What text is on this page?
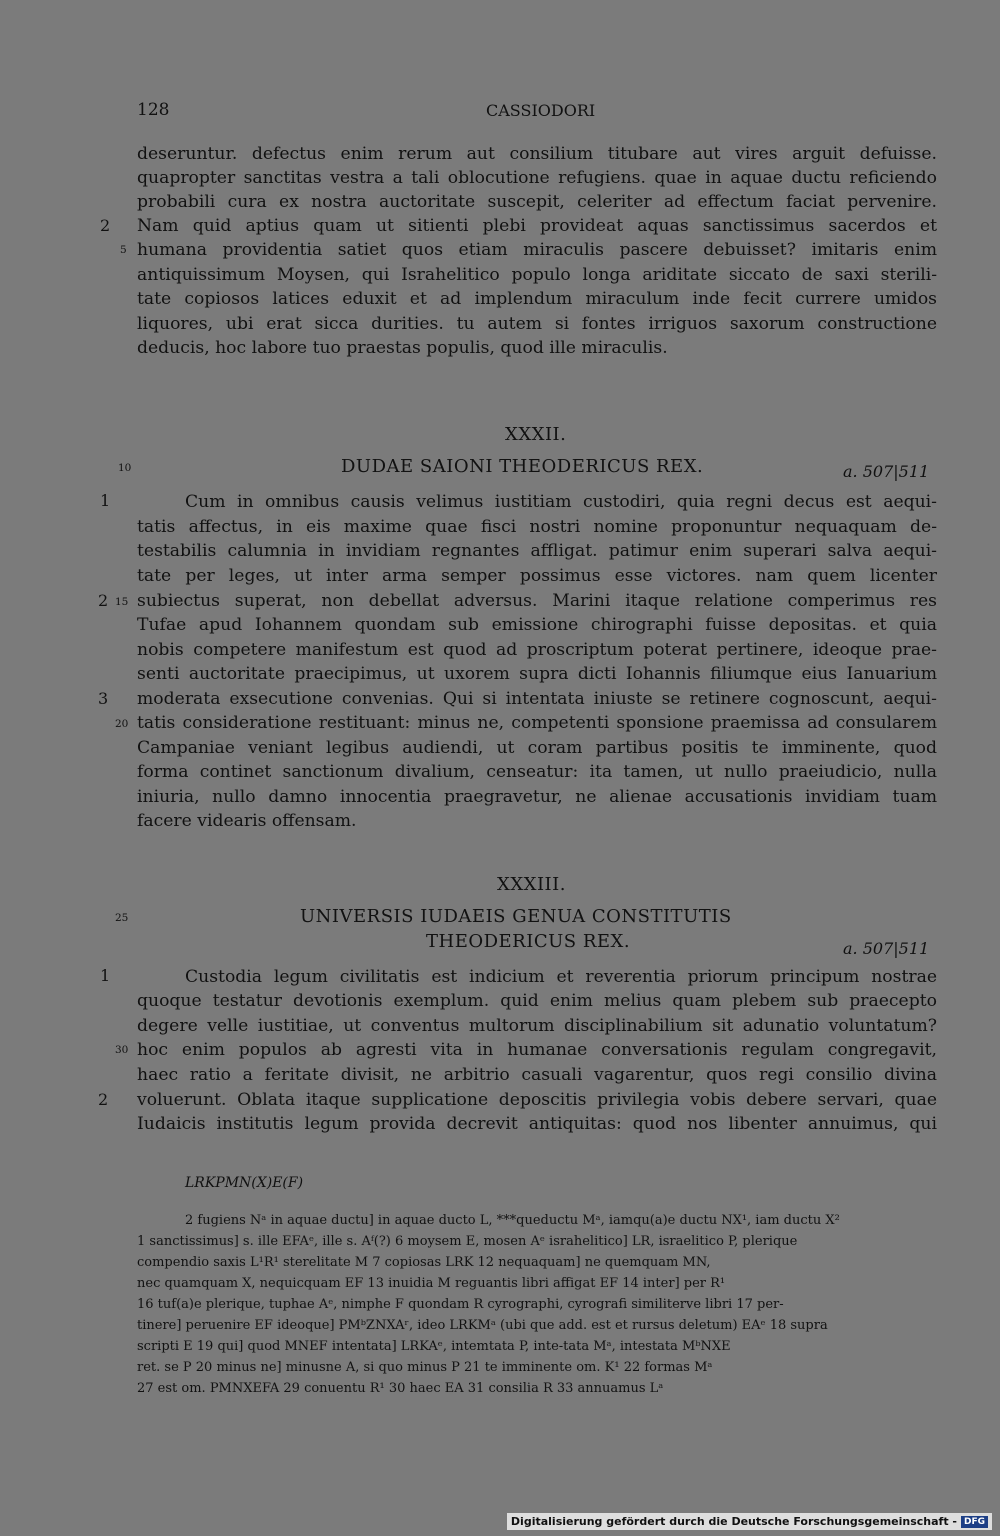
128	CASSIODORI
deseruntur. defectus enim rerum aut consilium titubare aut vires arguit defuisse.
quapropter sanctitas vestra a tali oblocutione refugiens. quae in aquae ductu reficiendo
probabili cura ex nostra auctoritate suscepit, celeriter ad effectum faciat pervenire.
Nam quid aptius quam ut sitienti plebi provideat aquas sanctissimus sacerdos et
humana providentia satiet quos etiam miraculis pascere debuisset? imitaris enim
antiquissimum Moysen, qui Israhelitico populo longa ariditate siccato de saxi sterili-
tate copiosos latices eduxit et ad implendum miraculum inde fecit currere umidos
liquores, ubi erat sicca durities. tu autem si fontes irriguos saxorum constructione
deducis, hoc labore tuo praestas populis, quod ille miraculis.
2
5
XXXII.
DUDAE SAIONI THEODERICUS REX.	a. 507|511
10
Cum in omnibus causis velimus iustitiam custodiri, quia regni decus est aequi-
tatis affectus, in eis maxime quae fisci nostri nomine proponuntur nequaquam de-
testabilis calumnia in invidiam regnantes affligat. patimur enim superari salva aequi-
tate per leges, ut inter arma semper possimus esse victores. nam quem licenter
subiectus superat, non debellat adversus. Marini itaque relatione comperimus res
Tufae apud Iohannem quondam sub emissione chirographi fuisse depositas. et quia
nobis competere manifestum est quod ad proscriptum poterat pertinere, ideoque prae-
senti auctoritate praecipimus, ut uxorem supra dicti Iohannis filiumque eius Ianuarium
moderata exsecutione convenias. Qui si intentata iniuste se retinere cognoscunt, aequi-
tatis consideratione restituant: minus ne, competenti sponsione praemissa ad consularem
Campaniae veniant legibus audiendi, ut coram partibus positis te imminente, quod
forma continet sanctionum divalium, censeatur: ita tamen, ut nullo praeiudicio, nulla
iniuria, nullo damno innocentia praegravetur, ne alienae accusationis invidiam tuam
facere videaris offensam.
1
2 15
3
20
XXXIII.
UNIVERSIS IUDAEIS GENUA CONSTITUTIS
THEODERICUS REX.	a. 507|511
25
Custodia legum civilitatis est indicium et reverentia priorum principum nostrae
quoque testatur devotionis exemplum. quid enim melius quam plebem sub praecepto
degere velle iustitiae, ut conventus multorum disciplinabilium sit adunatio voluntatum?
hoc enim populos ab agresti vita in humanae conversationis regulam congregavit,
haec ratio a feritate divisit, ne arbitrio casuali vagarentur, quos regi consilio divina
voluerunt. Oblata itaque supplicatione deposcitis privilegia vobis debere servari, quae
Iudaicis institutis legum provida decrevit antiquitas: quod nos libenter annuimus, qui
1
30
2
LRKPMN(X)E(F)
2 fugiens Nᵃ in aquae ductu] in aquae ducto L, ***queductu Mᵃ, iamqu(a)e ductu NX¹, iam ductu X²
1 sanctissimus] s. ille EFAᵉ, ille s. Aᶠ(?) 6 moysem E, mosen Aᵉ israhelitico] LR, israelitico P, plerique
compendio saxis L¹R¹ sterelitate M 7 copiosas LRK 12 nequaquam] ne quemquam MN,
nec quamquam X, nequicquam EF 13 inuidia M reguantis libri affigat EF 14 inter] per R¹
16 tuf(a)e plerique, tuphae Aᵉ, nimphe F quondam R cyrographi, cyrografi similiterve libri 17 per-
tinere] peruenire EF ideoque] PMᵇZNXAʳ, ideo LRKMᵃ (ubi que add. est et rursus deletum) EAᵉ 18 supra
scripti E 19 qui] quod MNEF intentata] LRKAᵉ, intemtata P, inte-tata Mᵃ, intestata MᵇNXE
ret. se P 20 minus ne] minusne A, si quo minus P 21 te imminente om. K¹ 22 formas Mᵃ
27 est om. PMNXEFA 29 conuentu R¹ 30 haec EA 31 consilia R 33 annuamus Lᵃ
Digitalisierung gefördert durch die Deutsche Forschungsgemeinschaft - DFG
